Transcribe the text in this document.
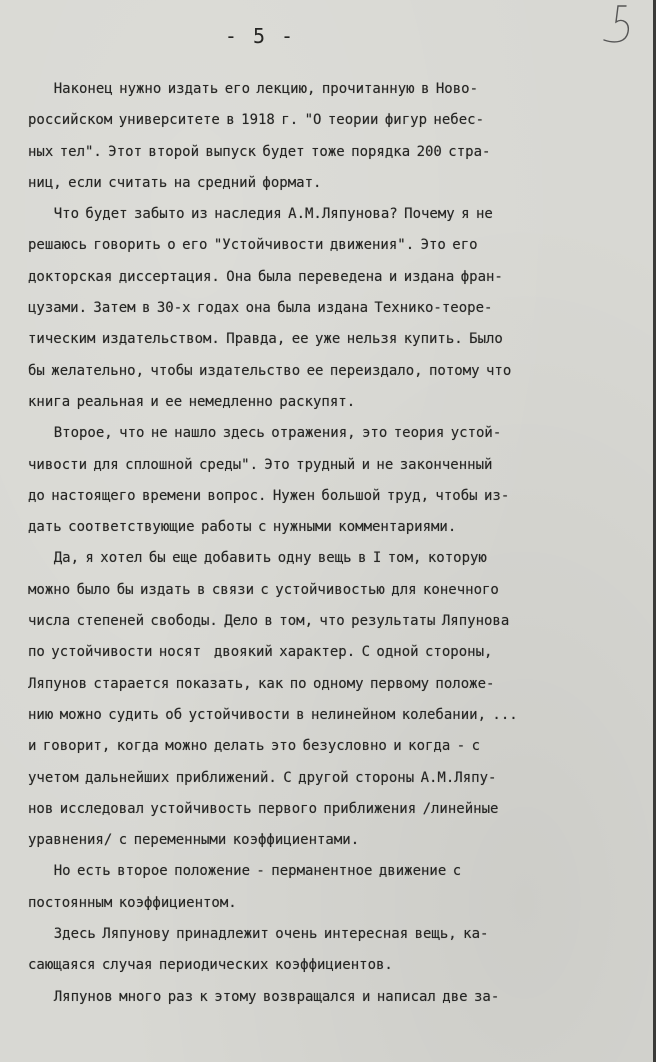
- 5 -
Наконец нужно издать его лекцию, прочитанную в Ново-
российском университете в 1918 г. "О теории фигур небес-
ных тел". Этот второй выпуск будет тоже порядка 200 стра-
ниц, если считать на средний формат.
Что будет забыто из наследия А.М.Ляпунова? Почему я не
решаюсь говорить о его "Устойчивости движения". Это его
докторская диссертация. Она была переведена и издана фран-
цузами. Затем в 30-х годах она была издана Технико-теоре-
тическим издательством. Правда, ее уже нельзя купить. Было
бы желательно, чтобы издательство ее переиздало, потому что
книга реальная и ее немедленно раскупят.
Второе, что не нашло здесь отражения, это теория устой-
чивости для сплошной среды". Это трудный и не законченный
до настоящего времени вопрос. Нужен большой труд, чтобы из-
дать соответствующие работы с нужными комментариями.
Да, я хотел бы еще добавить одну вещь в I том, которую
можно было бы издать в связи с устойчивостью для конечного
числа степеней свободы. Дело в том, что результаты Ляпунова
по устойчивости носят  двоякий характер. С одной стороны,
Ляпунов старается показать, как по одному первому положе-
нию можно судить об устойчивости в нелинейном колебании, ...
и говорит, когда можно делать это безусловно и когда - с
учетом дальнейших приближений. С другой стороны А.М.Ляпу-
нов исследовал устойчивость первого приближения /линейные
уравнения/ с переменными коэффициентами.
Но есть второе положение - перманентное движение с
постоянным коэффициентом.
Здесь Ляпунову принадлежит очень интересная вещь, ка-
сающаяся случая периодических коэффициентов.
Ляпунов много раз к этому возвращался и написал две за-
